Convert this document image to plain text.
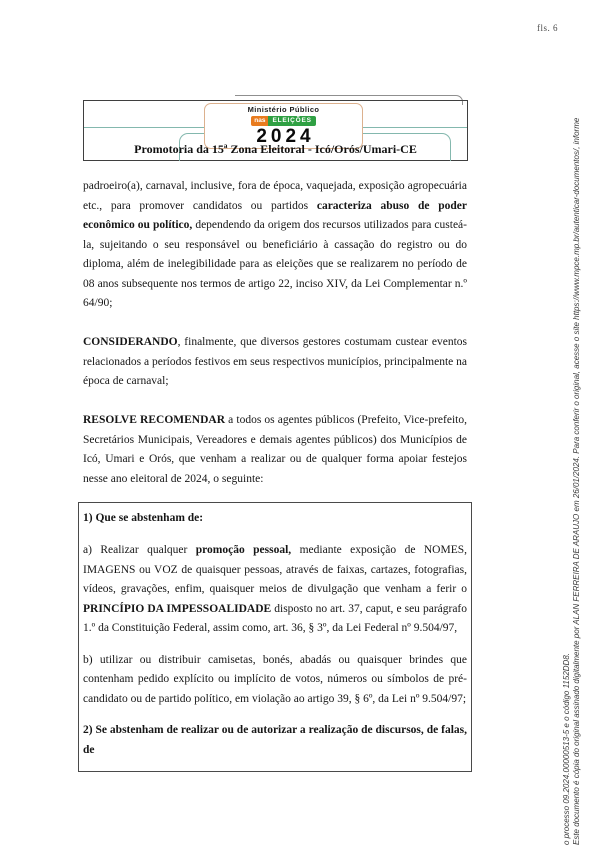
fls. 6
Promotoria da 15ª Zona Eleitoral - Icó/Orós/Umari-CE
Ministério Público
nas	ELEIÇÕES
2024

padroeiro(a), carnaval, inclusive, fora de época, vaquejada, exposição agropecuária etc., para promover candidatos ou partidos caracteriza abuso de poder econômico ou político, dependendo da origem dos recursos utilizados para custeá-la, sujeitando o seu responsável ou beneficiário à cassação do registro ou do diploma, além de inelegibilidade para as eleições que se realizarem no período de 08 anos subsequente nos termos de artigo 22, inciso XIV, da Lei Complementar n.º 64/90;

CONSIDERANDO, finalmente, que diversos gestores costumam custear eventos relacionados a períodos festivos em seus respectivos municípios, principalmente na época de carnaval;

RESOLVE RECOMENDAR a todos os agentes públicos (Prefeito, Vice-prefeito, Secretários Municipais, Vereadores e demais agentes públicos) dos Municípios de Icó, Umari e Orós, que venham a realizar ou de qualquer forma apoiar festejos nesse ano eleitoral de 2024, o seguinte:

1) Que se abstenham de:

a) Realizar qualquer promoção pessoal, mediante exposição de NOMES, IMAGENS ou VOZ de quaisquer pessoas, através de faixas, cartazes, fotografias, vídeos, gravações, enfim, quaisquer meios de divulgação que venham a ferir o PRINCÍPIO DA IMPESSOALIDADE disposto no art. 37, caput, e seu parágrafo 1.º da Constituição Federal, assim como, art. 36, § 3º, da Lei Federal nº 9.504/97,

b) utilizar ou distribuir camisetas, bonés, abadás ou quaisquer brindes que contenham pedido explícito ou implícito de votos, números ou símbolos de pré-candidato ou de partido político, em violação ao artigo 39, § 6º, da Lei nº 9.504/97;

2) Se abstenham de realizar ou de autorizar a realização de discursos, de falas, de	o processo 09.2024.00000513-5 e o código 1152DD8. Este documento é cópia do original assinado digitalmente por ALAN FERREIRA DE ARAUJO em 26/01/2024. Para conferir o original, acesse o site https://www.mpce.mp.br/autenticar-documentos/, informe
